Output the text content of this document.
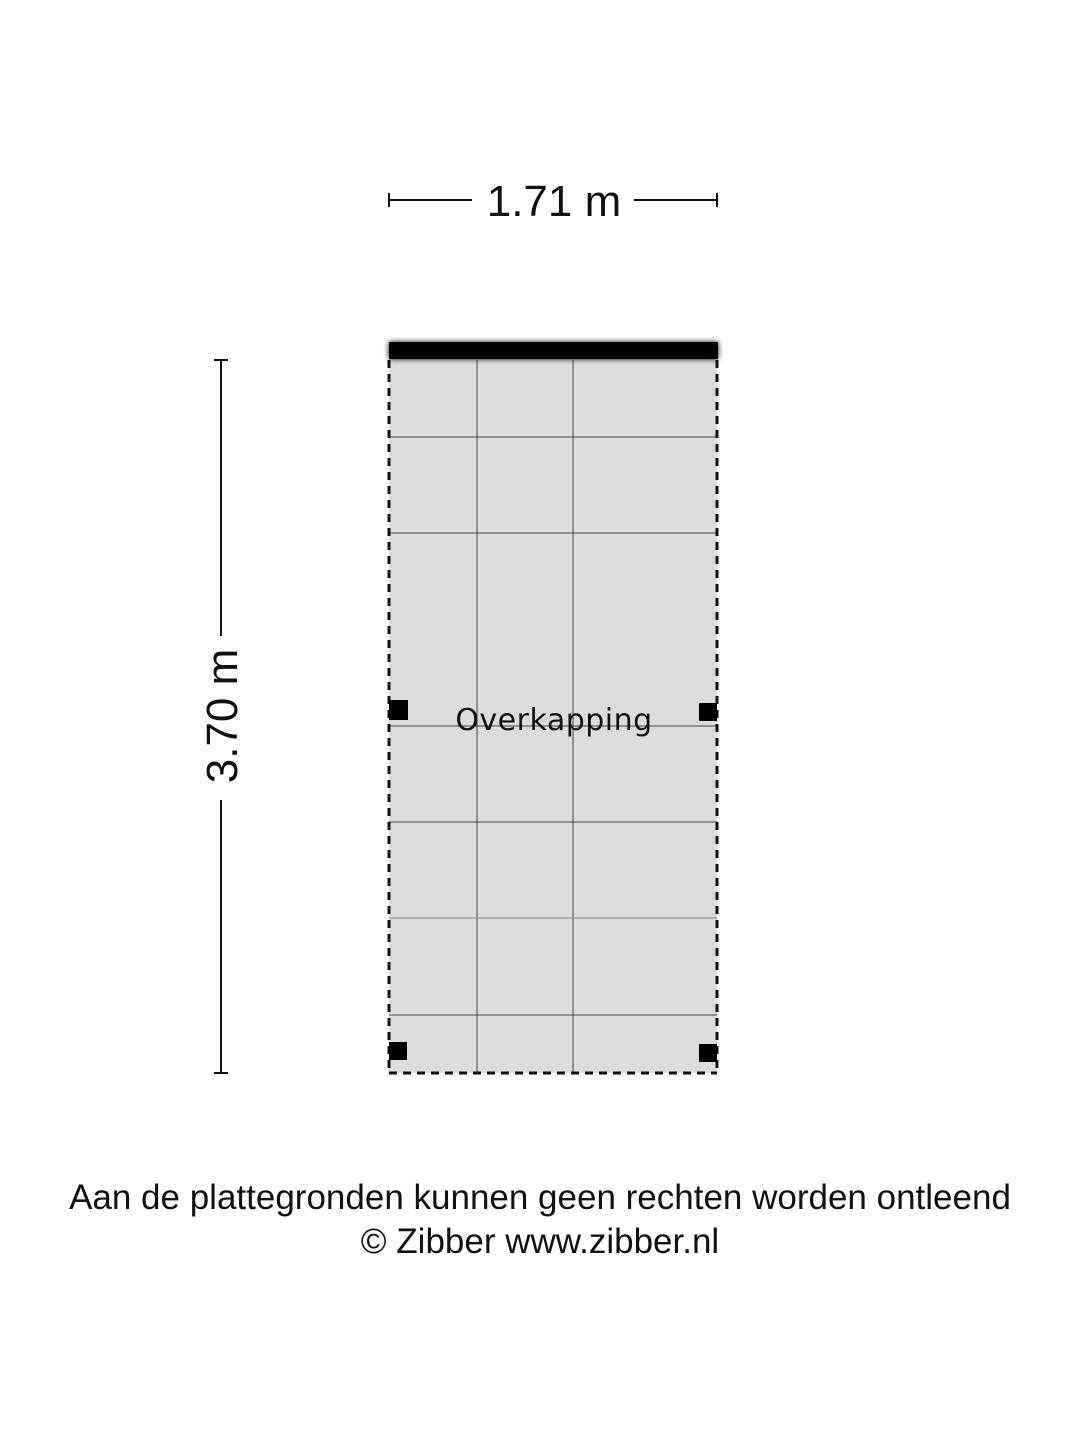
Overkapping
1.71 m
3.70 m
Aan de plattegronden kunnen geen rechten worden ontleend
© Zibber www.zibber.nl
